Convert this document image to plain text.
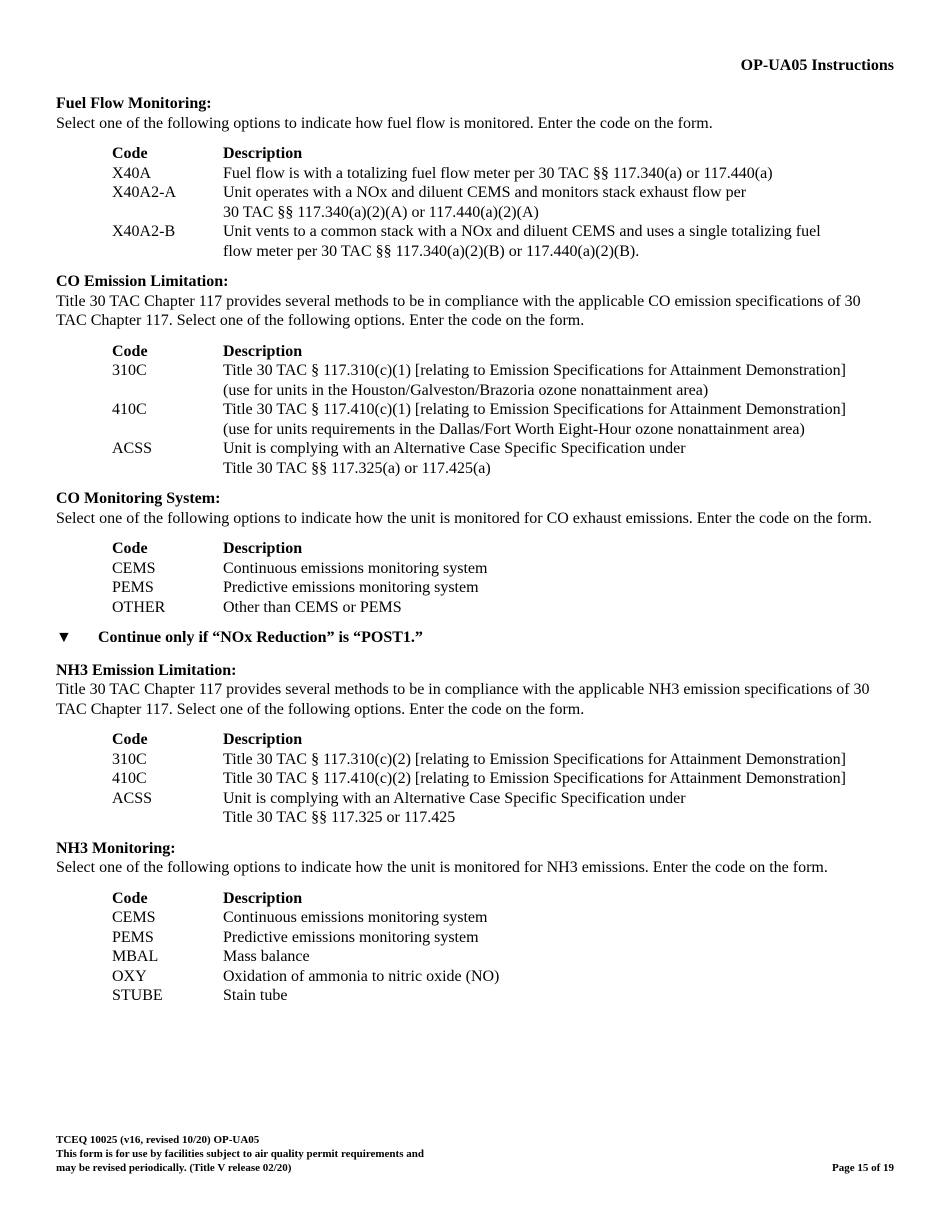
OP-UA05 Instructions
Fuel Flow Monitoring:
Select one of the following options to indicate how fuel flow is monitored. Enter the code on the form.
Code	Description
X40A	Fuel flow is with a totalizing fuel flow meter per 30 TAC §§ 117.340(a) or 117.440(a)

X40A2-A	Unit operates with a NOx and diluent CEMS and monitors stack exhaust flow per
30 TAC §§ 117.340(a)(2)(A) or 117.440(a)(2)(A)

X40A2-B	Unit vents to a common stack with a NOx and diluent CEMS and uses a single totalizing fuel
flow meter per 30 TAC §§ 117.340(a)(2)(B) or 117.440(a)(2)(B).
CO Emission Limitation:
Title 30 TAC Chapter 117 provides several methods to be in compliance with the applicable CO emission specifications of 30 TAC Chapter 117. Select one of the following options. Enter the code on the form.
Code	Description
310C	Title 30 TAC § 117.310(c)(1) [relating to Emission Specifications for Attainment Demonstration]
(use for units in the Houston/Galveston/Brazoria ozone nonattainment area)

410C	Title 30 TAC § 117.410(c)(1) [relating to Emission Specifications for Attainment Demonstration]
(use for units requirements in the Dallas/Fort Worth Eight-Hour ozone nonattainment area)

ACSS	Unit is complying with an Alternative Case Specific Specification under
Title 30 TAC §§ 117.325(a) or 117.425(a)
CO Monitoring System:
Select one of the following options to indicate how the unit is monitored for CO exhaust emissions. Enter the code on the form.
Code	Description
CEMS	Continuous emissions monitoring system

PEMS	Predictive emissions monitoring system

OTHER	Other than CEMS or PEMS
▼	Continue only if “NOx Reduction” is “POST1.”
NH3 Emission Limitation:
Title 30 TAC Chapter 117 provides several methods to be in compliance with the applicable NH3 emission specifications of 30 TAC Chapter 117. Select one of the following options. Enter the code on the form.
Code	Description
310C	Title 30 TAC § 117.310(c)(2) [relating to Emission Specifications for Attainment Demonstration]

410C	Title 30 TAC § 117.410(c)(2) [relating to Emission Specifications for Attainment Demonstration]

ACSS	Unit is complying with an Alternative Case Specific Specification under
Title 30 TAC §§ 117.325 or 117.425
NH3 Monitoring:
Select one of the following options to indicate how the unit is monitored for NH3 emissions. Enter the code on the form.
Code	Description
CEMS	Continuous emissions monitoring system

PEMS	Predictive emissions monitoring system

MBAL	Mass balance

OXY	Oxidation of ammonia to nitric oxide (NO)

STUBE	Stain tube
TCEQ 10025 (v16, revised 10/20) OP-UA05
This form is for use by facilities subject to air quality permit requirements and
may be revised periodically. (Title V release 02/20)	Page 15 of 19
